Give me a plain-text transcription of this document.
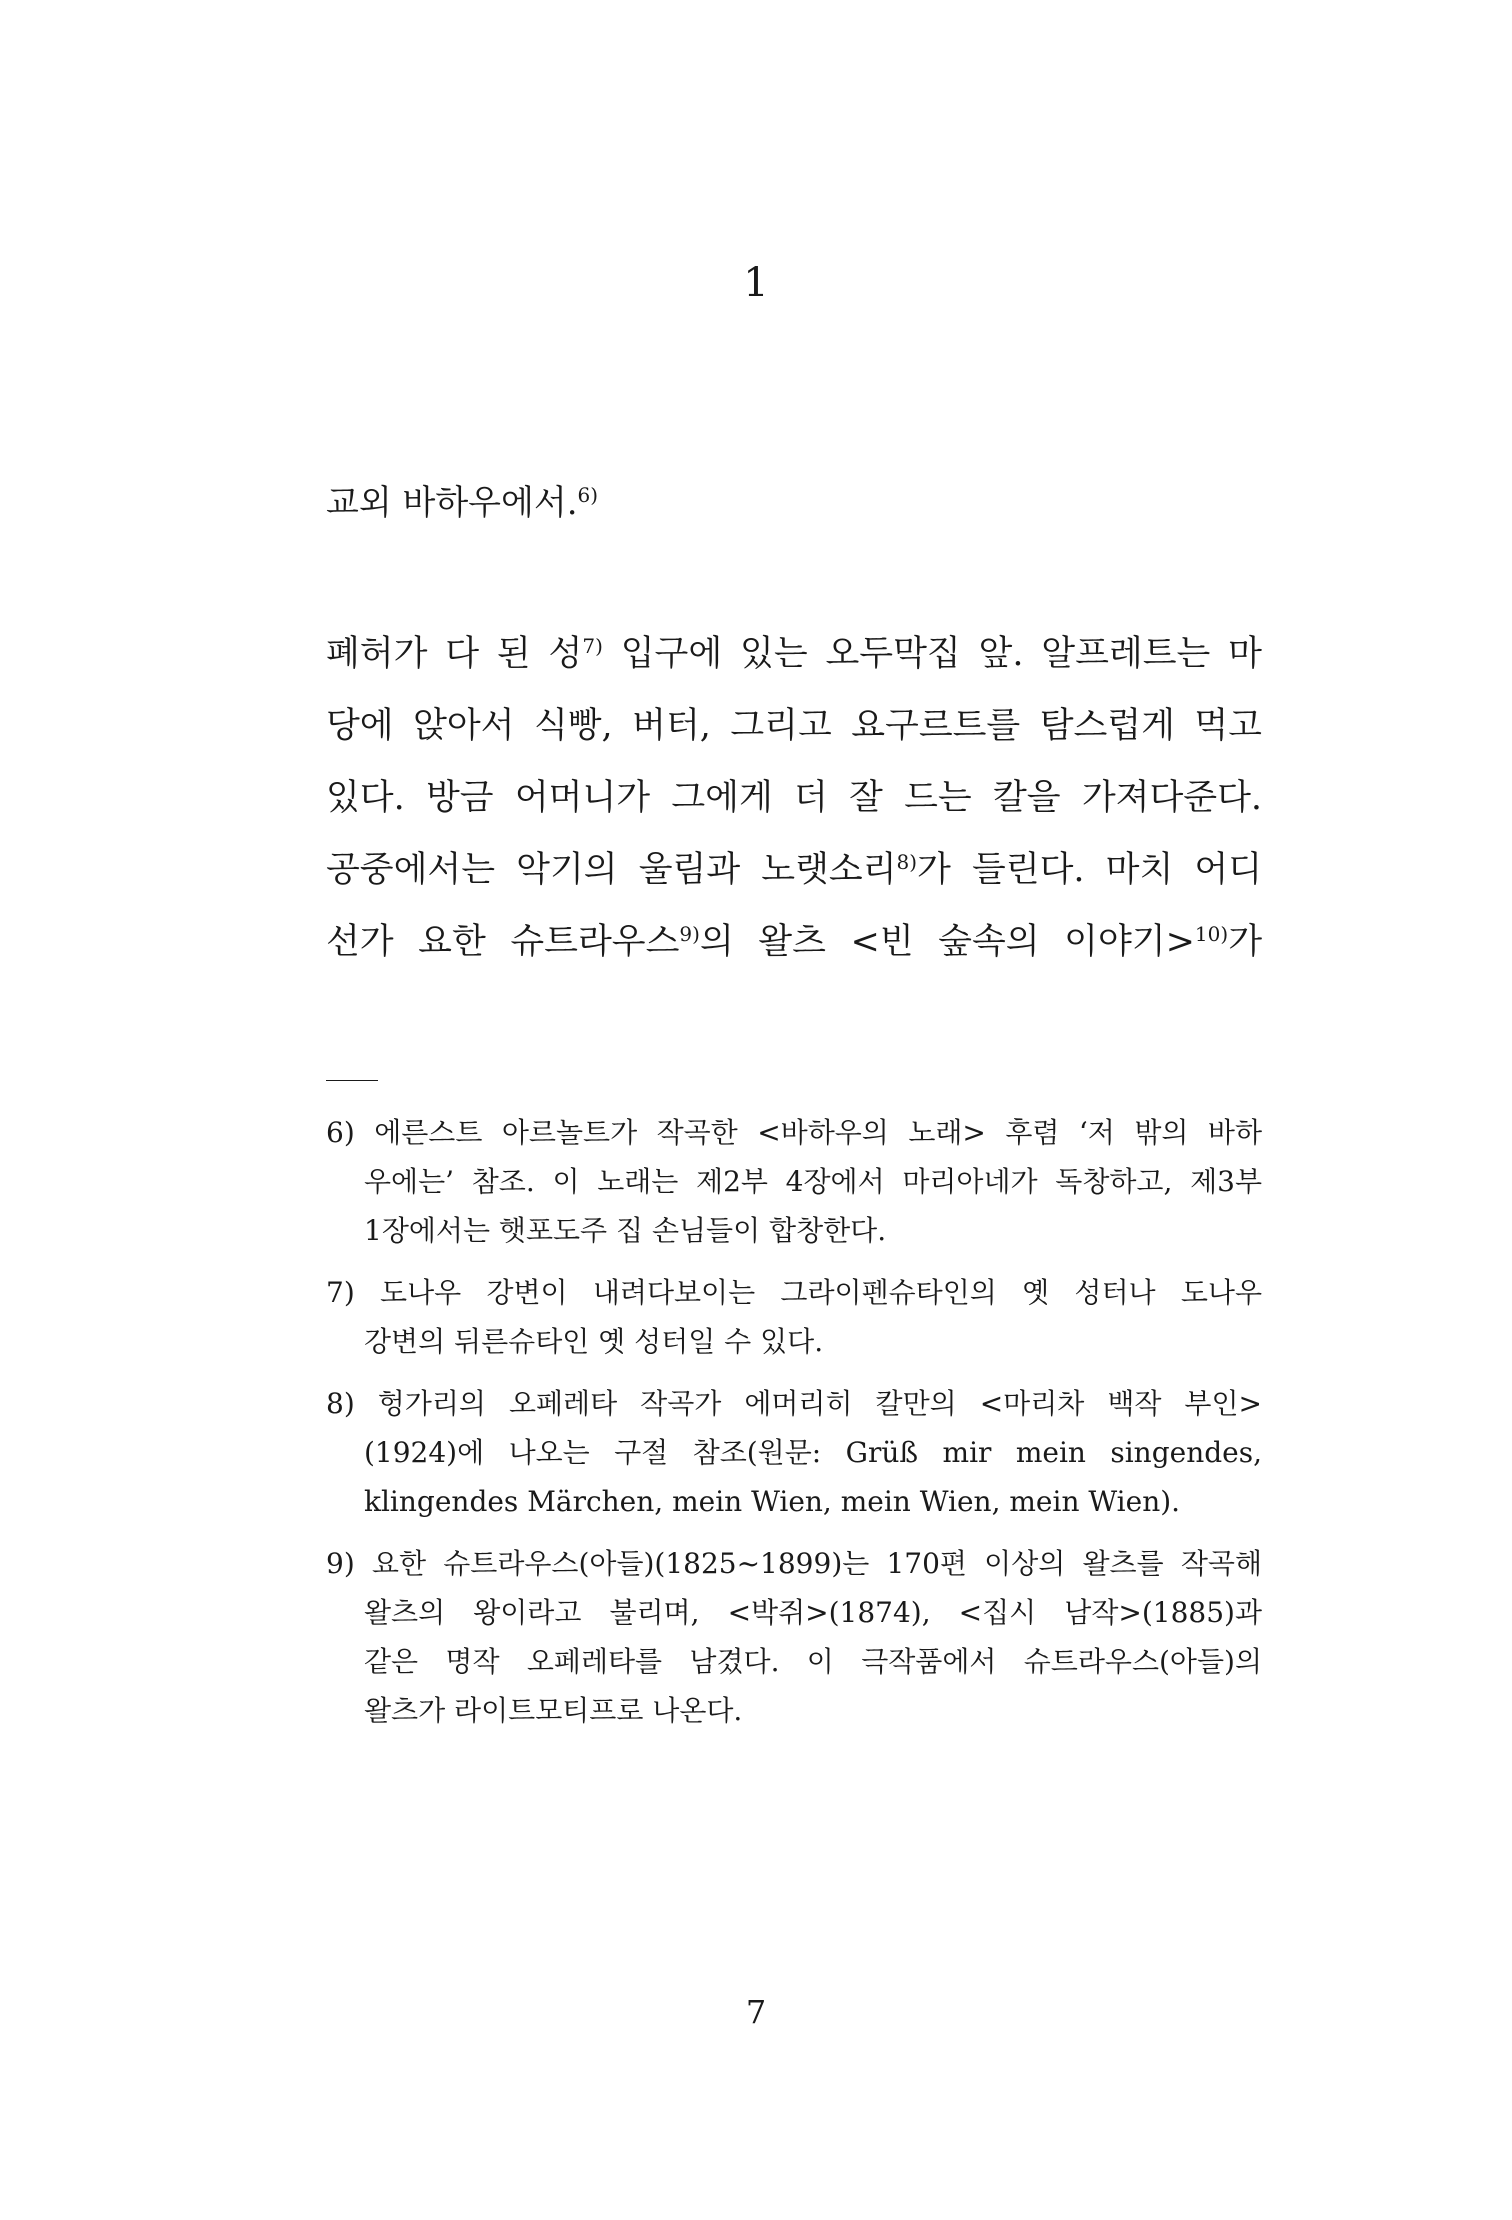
1
교외 바하우에서.$^{6)}$
폐허가 다 된 성$^{7)}$ 입구에 있는 오두막집 앞. 알프레트는 마
당에 앉아서 식빵, 버터, 그리고 요구르트를 탐스럽게 먹고
있다. 방금 어머니가 그에게 더 잘 드는 칼을 가져다준다.
공중에서는 악기의 울림과 노랫소리$^{8)}$가 들린다. 마치 어디
선가 요한 슈트라우스$^{9)}$의 왈츠 <빈 숲속의 이야기>$^{10)}$가
6) 에른스트 아르놀트가 작곡한 <바하우의 노래> 후렴 ‘저 밖의 바하
우에는’ 참조. 이 노래는 제2부 4장에서 마리아네가 독창하고, 제3부
1장에서는 햇포도주 집 손님들이 합창한다.
7) 도나우 강변이 내려다보이는 그라이펜슈타인의 옛 성터나 도나우
강변의 뒤른슈타인 옛 성터일 수 있다.
8) 헝가리의 오페레타 작곡가 에머리히 칼만의 <마리차 백작 부인>
(1924)에 나오는 구절 참조(원문: Grüß mir mein singendes,
klingendes Märchen, mein Wien, mein Wien, mein Wien).
9) 요한 슈트라우스(아들)(1825~1899)는 170편 이상의 왈츠를 작곡해
왈츠의 왕이라고 불리며, <박쥐>(1874), <집시 남작>(1885)과
같은 명작 오페레타를 남겼다. 이 극작품에서 슈트라우스(아들)의
왈츠가 라이트모티프로 나온다.
7
